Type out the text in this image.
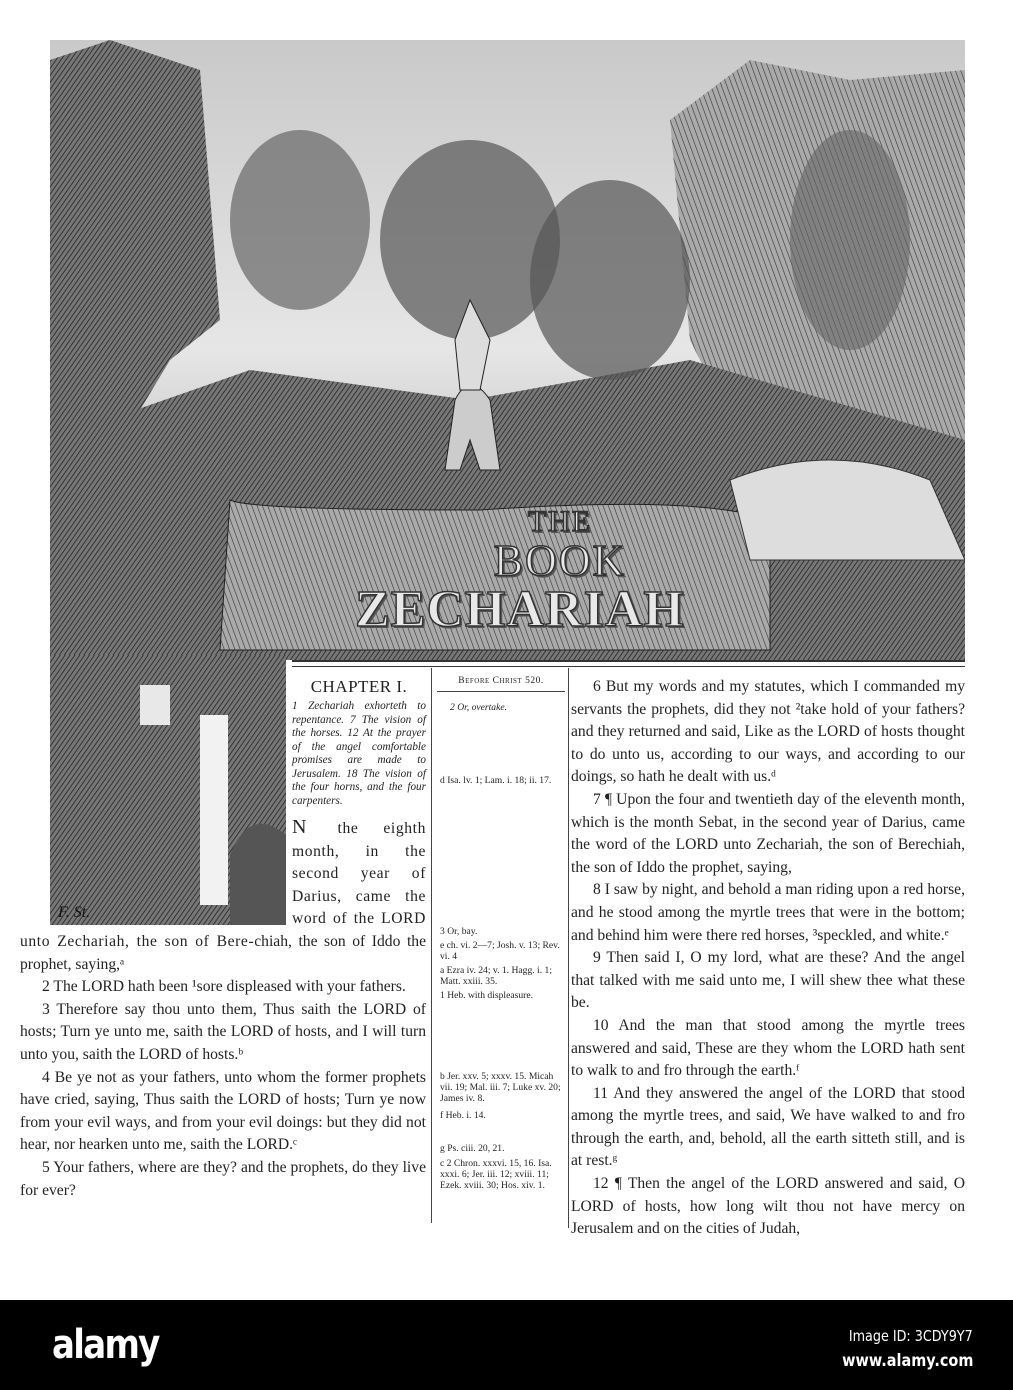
THE
BOOK
ZECHARIAH
F. St.
CHAPTER I.
1 Zechariah exhorteth to repentance. 7 The vision of the horses. 12 At the prayer of the angel comfortable promises are made to Jerusalem. 18 The vision of the four horns, and the four carpenters.

N the eighth month, in the second year of Darius, came the word of the LORD unto Zechariah, the son of Bere-chiah, the son of Iddo the prophet, saying,ᵃ

2 The LORD hath been ¹sore displeased with your fathers.

3 Therefore say thou unto them, Thus saith the LORD of hosts; Turn ye unto me, saith the LORD of hosts, and I will turn unto you, saith the LORD of hosts.ᵇ

4 Be ye not as your fathers, unto whom the former prophets have cried, saying, Thus saith the LORD of hosts; Turn ye now from your evil ways, and from your evil doings: but they did not hear, nor hearken unto me, saith the LORD.ᶜ

5 Your fathers, where are they? and the prophets, do they live for ever?

Before Christ 520.
2 Or, overtake.
d Isa. lv. 1; Lam. i. 18; ii. 17.
3 Or, bay.
e ch. vi. 2—7; Josh. v. 13; Rev. vi. 4
a Ezra iv. 24; v. 1. Hagg. i. 1; Matt. xxiii. 35.
1 Heb. with displeasure.
b Jer. xxv. 5; xxxv. 15. Micah vii. 19; Mal. iii. 7; Luke xv. 20; James iv. 8.
f Heb. i. 14.
g Ps. ciii. 20, 21.
c 2 Chron. xxxvi. 15, 16. Isa. xxxi. 6; Jer. iii. 12; xviii. 11; Ezek. xviii. 30; Hos. xiv. 1.

6 But my words and my statutes, which I commanded my servants the prophets, did they not ²take hold of your fathers? and they returned and said, Like as the LORD of hosts thought to do unto us, according to our ways, and according to our doings, so hath he dealt with us.ᵈ

7 ¶ Upon the four and twentieth day of the eleventh month, which is the month Sebat, in the second year of Darius, came the word of the LORD unto Zechariah, the son of Berechiah, the son of Iddo the prophet, saying,

8 I saw by night, and behold a man riding upon a red horse, and he stood among the myrtle trees that were in the bottom; and behind him were there red horses, ³speckled, and white.ᵉ

9 Then said I, O my lord, what are these? And the angel that talked with me said unto me, I will shew thee what these be.

10 And the man that stood among the myrtle trees answered and said, These are they whom the LORD hath sent to walk to and fro through the earth.ᶠ

11 And they answered the angel of the LORD that stood among the myrtle trees, and said, We have walked to and fro through the earth, and, behold, all the earth sitteth still, and is at rest.ᵍ

12 ¶ Then the angel of the LORD answered and said, O LORD of hosts, how long wilt thou not have mercy on Jerusalem and on the cities of Judah,

alamy	Image ID: 3CDY9Y7
www.alamy.com
